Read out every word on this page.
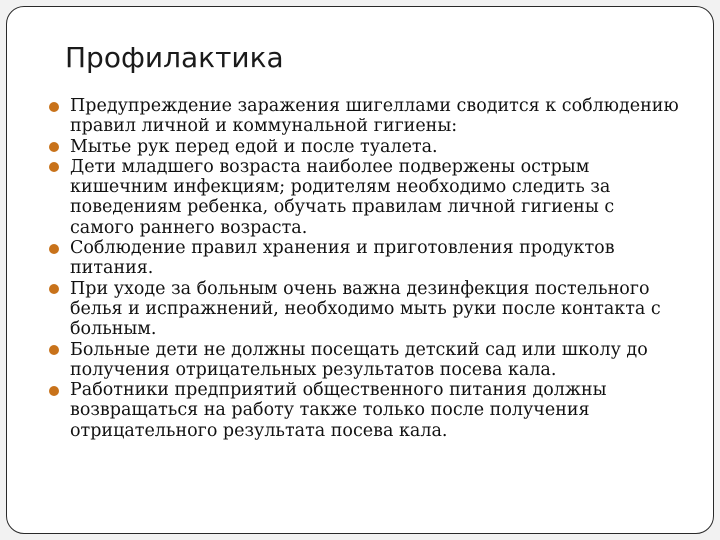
Профилактика
Предупреждение заражения шигеллами сводится к соблюдению правил личной и коммунальной гигиены:
Мытье рук перед едой и после туалета.
Дети младшего возраста наиболее подвержены острым кишечним инфекциям; родителям необходимо следить за поведениям ребенка, обучать правилам личной гигиены с самого раннего возраста.
Соблюдение правил хранения и приготовления продуктов питания.
При уходе за больным очень важна дезинфекция постельного белья и испражнений, необходимо мыть руки после контакта с больным.
Больные дети не должны посещать детский сад или школу до получения отрицательных результатов посева кала.
Работники предприятий общественного питания должны возвращаться на работу также только после получения отрицательного результата посева кала.
